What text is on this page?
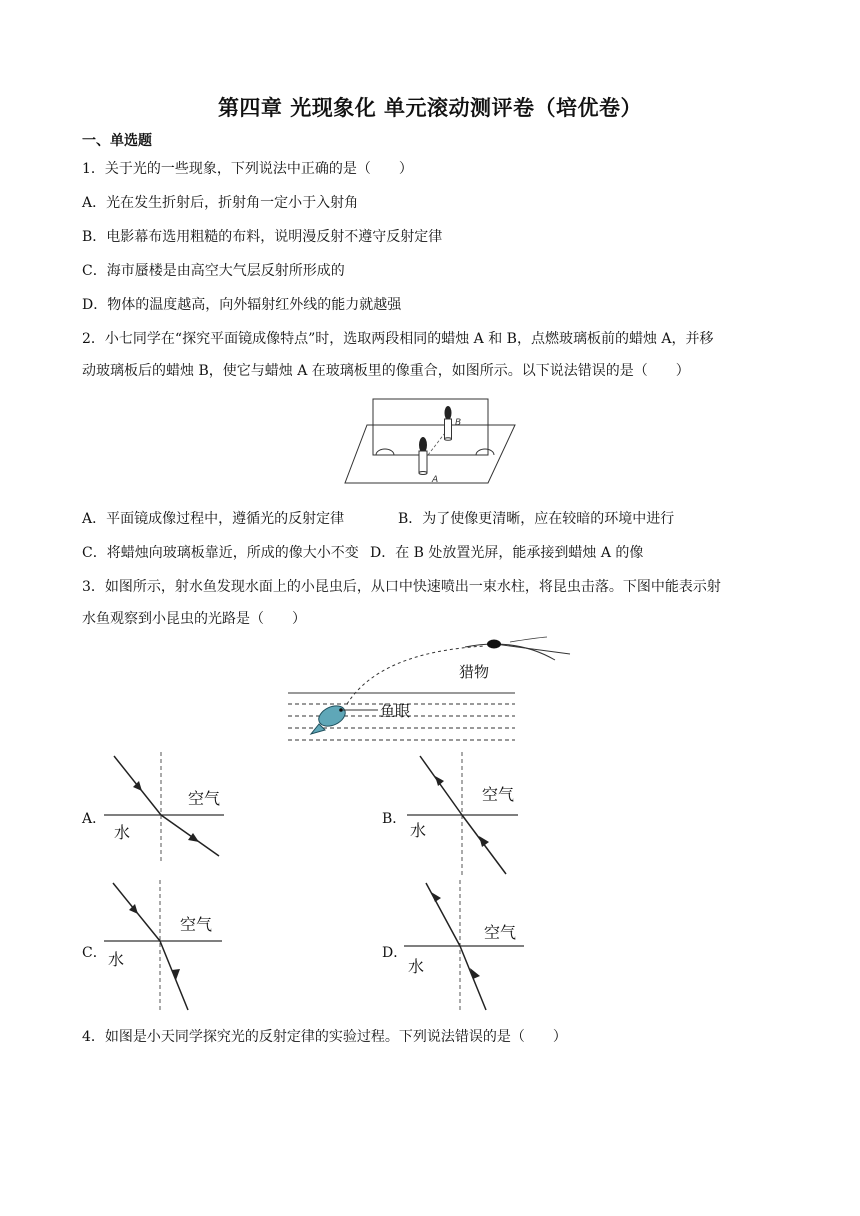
第四章 光现象化 单元滚动测评卷（培优卷）
一、单选题
1．关于光的一些现象，下列说法中正确的是（　　）
A．光在发生折射后，折射角一定小于入射角
B．电影幕布选用粗糙的布料，说明漫反射不遵守反射定律
C．海市蜃楼是由高空大气层反射所形成的
D．物体的温度越高，向外辐射红外线的能力就越强
2．小七同学在“探究平面镜成像特点”时，选取两段相同的蜡烛 A 和 B，点燃玻璃板前的蜡烛 A，并移
动玻璃板后的蜡烛 B，使它与蜡烛 A 在玻璃板里的像重合，如图所示。以下说法错误的是（　　）
A
B
A．平面镜成像过程中，遵循光的反射定律	B．为了使像更清晰，应在较暗的环境中进行
C．将蜡烛向玻璃板靠近，所成的像大小不变 D．在 B 处放置光屏，能承接到蜡烛 A 的像
3．如图所示，射水鱼发现水面上的小昆虫后，从口中快速喷出一束水柱，将昆虫击落。下图中能表示射
水鱼观察到小昆虫的光路是（　　）
鱼眼
猎物
A．
空气
水
B．
空气
水
C．
空气
水	D．
空气
水
4．如图是小天同学探究光的反射定律的实验过程。下列说法错误的是（　　）
